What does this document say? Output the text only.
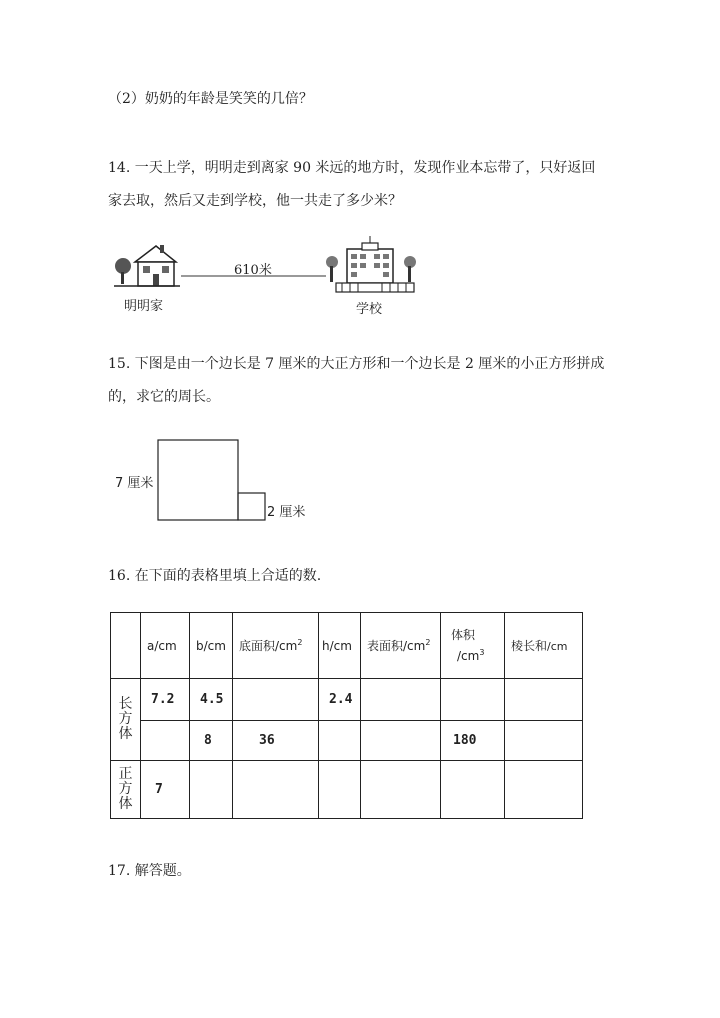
（2）奶奶的年龄是笑笑的几倍？
14. 一天上学，明明走到离家 90 米远的地方时，发现作业本忘带了，只好返回
家去取，然后又走到学校，他一共走了多少米？
610米
明明家	学校
15. 下图是由一个边长是 7 厘米的大正方形和一个边长是 2 厘米的小正方形拼成
的，求它的周长。
7 厘米
2 厘米
16. 在下面的表格里填上合适的数.
	a/cm	b/cm	底面积$/cm^2$	h/cm	表面积$/cm^2$	体积
$/cm^3$	棱长和/cm
长方体	7.2	4.5		2.4			
		8	36			180	
正方体	7						
17. 解答题。
